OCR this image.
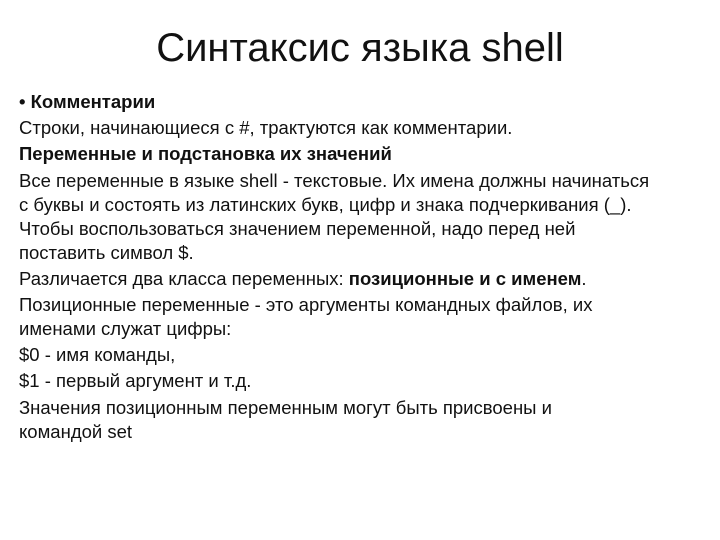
Синтаксис языка shell
• Комментарии
Строки, начинающиеся с #, трактуются как комментарии.
Переменные и подстановка их значений
Все переменные в языке shell - текстовые. Их имена должны начинаться
с буквы и состоять из латинских букв, цифр и знака подчеркивания (_).
Чтобы воспользоваться значением переменной, надо перед ней
поставить символ $.
Различается два класса переменных: позиционные и с именем.
Позиционные переменные - это аргументы командных файлов, их
именами служат цифры:
$0 - имя команды,
$1 - первый аргумент и т.д.
Значения позиционным переменным могут быть присвоены и
командой set
